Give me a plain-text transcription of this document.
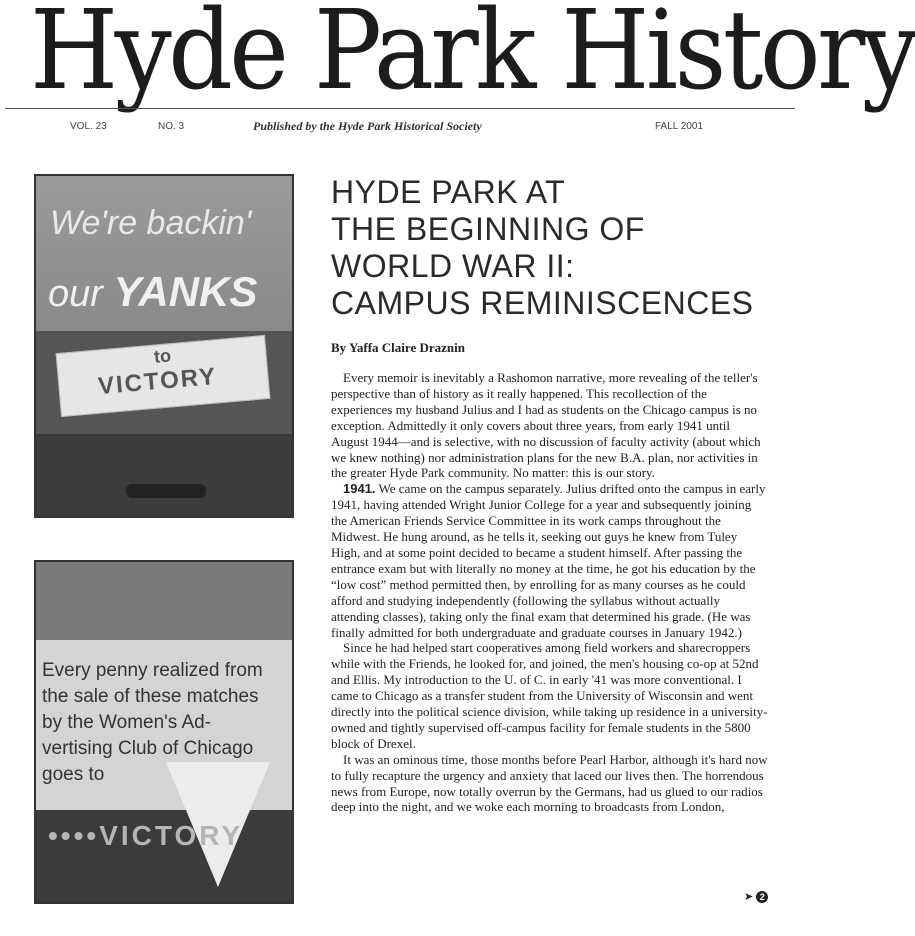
Hyde Park History
VOL. 23	NO. 3	Published by the Hyde Park Historical Society	FALL 2001
We're backin'
our YANKS
to
VICTORY
Every penny realized from
the sale of these matches
by the Women's Ad-
vertising Club of Chicago
goes to
••••VICTORY
HYDE PARK AT
THE BEGINNING OF
WORLD WAR II:
CAMPUS REMINISCENCES
By Yaffa Claire Draznin

Every memoir is inevitably a Rashomon narrative, more revealing of the teller's perspective than of history as it really happened. This recollection of the experiences my husband Julius and I had as students on the Chicago campus is no exception. Admittedly it only covers about three years, from early 1941 until August 1944—and is selective, with no discussion of faculty activity (about which we knew nothing) nor administration plans for the new B.A. plan, nor activities in the greater Hyde Park community. No matter: this is our story.

1941. We came on the campus separately. Julius drifted onto the campus in early 1941, having attended Wright Junior College for a year and subsequently joining the American Friends Service Committee in its work camps throughout the Midwest. He hung around, as he tells it, seeking out guys he knew from Tuley High, and at some point decided to became a student himself. After passing the entrance exam but with literally no money at the time, he got his education by the “low cost” method permitted then, by enrolling for as many courses as he could afford and studying independently (following the syllabus without actually attending classes), taking only the final exam that determined his grade. (He was finally admitted for both undergraduate and graduate courses in January 1942.)

Since he had helped start cooperatives among field workers and sharecroppers while with the Friends, he looked for, and joined, the men's housing co-op at 52nd and Ellis. My introduction to the U. of C. in early '41 was more conventional. I came to Chicago as a transfer student from the University of Wisconsin and went directly into the political science division, while taking up residence in a university-owned and tightly supervised off-campus facility for female students in the 5800 block of Drexel.

It was an ominous time, those months before Pearl Harbor, although it's hard now to fully recapture the urgency and anxiety that laced our lives then. The horrendous news from Europe, now totally overrun by the Germans, had us glued to our radios deep into the night, and we woke each morning to broadcasts from London,

➤ 2
